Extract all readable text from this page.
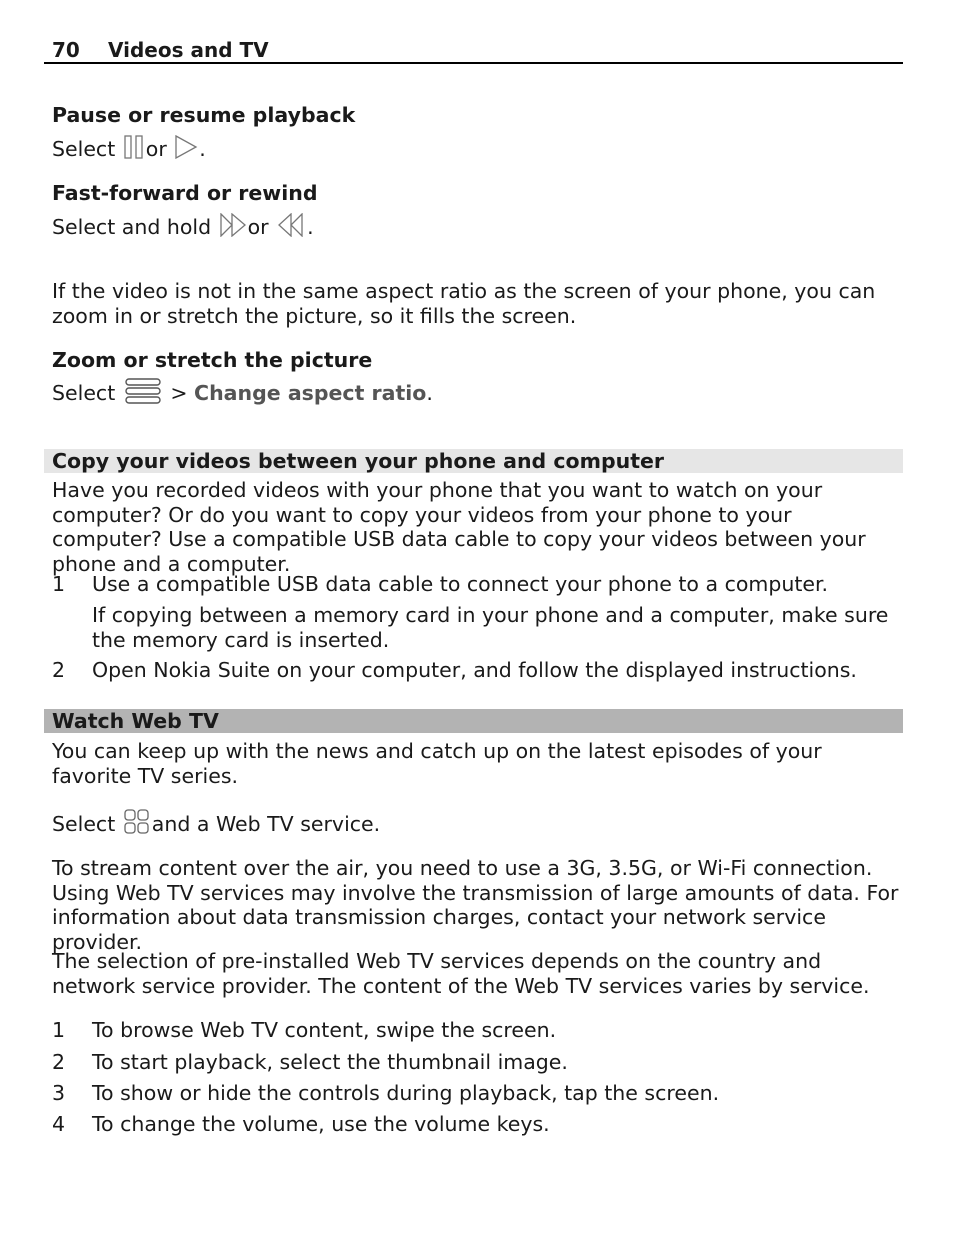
70 Videos and TV
Pause or resume playback
Select or .
Fast-forward or rewind
Select and hold or .
If the video is not in the same aspect ratio as the screen of your phone, you can zoom in or stretch the picture, so it fills the screen.
Zoom or stretch the picture
Select	> Change aspect ratio.
Copy your videos between your phone and computer
Have you recorded videos with your phone that you want to watch on your computer? Or do you want to copy your videos from your phone to your computer? Use a compatible USB data cable to copy your videos between your phone and a computer.
1 Use a compatible USB data cable to connect your phone to a computer.
If copying between a memory card in your phone and a computer, make sure the memory card is inserted.
2 Open Nokia Suite on your computer, and follow the displayed instructions.
Watch Web TV
You can keep up with the news and catch up on the latest episodes of your favorite TV series.
Select and a Web TV service.
To stream content over the air, you need to use a 3G, 3.5G, or Wi-Fi connection. Using Web TV services may involve the transmission of large amounts of data. For information about data transmission charges, contact your network service provider.
The selection of pre-installed Web TV services depends on the country and network service provider. The content of the Web TV services varies by service.
1 To browse Web TV content, swipe the screen.
2 To start playback, select the thumbnail image.
3 To show or hide the controls during playback, tap the screen.
4 To change the volume, use the volume keys.
